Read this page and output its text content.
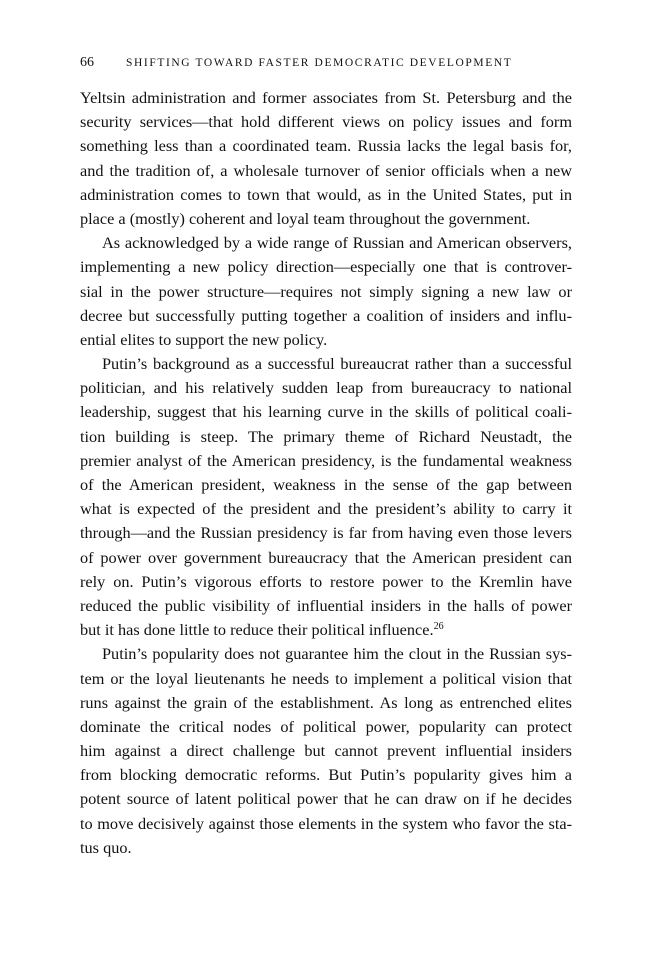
66	SHIFTING TOWARD FASTER DEMOCRATIC DEVELOPMENT
Yeltsin administration and former associates from St. Petersburg and the
security services—that hold different views on policy issues and form
something less than a coordinated team. Russia lacks the legal basis for,
and the tradition of, a wholesale turnover of senior officials when a new
administration comes to town that would, as in the United States, put in
place a (mostly) coherent and loyal team throughout the government.
As acknowledged by a wide range of Russian and American observers,
implementing a new policy direction—especially one that is controver-
sial in the power structure—requires not simply signing a new law or
decree but successfully putting together a coalition of insiders and influ-
ential elites to support the new policy.
Putin’s background as a successful bureaucrat rather than a successful
politician, and his relatively sudden leap from bureaucracy to national
leadership, suggest that his learning curve in the skills of political coali-
tion building is steep. The primary theme of Richard Neustadt, the
premier analyst of the American presidency, is the fundamental weakness
of the American president, weakness in the sense of the gap between
what is expected of the president and the president’s ability to carry it
through—and the Russian presidency is far from having even those levers
of power over government bureaucracy that the American president can
rely on. Putin’s vigorous efforts to restore power to the Kremlin have
reduced the public visibility of influential insiders in the halls of power
but it has done little to reduce their political influence.$^{26}$
Putin’s popularity does not guarantee him the clout in the Russian sys-
tem or the loyal lieutenants he needs to implement a political vision that
runs against the grain of the establishment. As long as entrenched elites
dominate the critical nodes of political power, popularity can protect
him against a direct challenge but cannot prevent influential insiders
from blocking democratic reforms. But Putin’s popularity gives him a
potent source of latent political power that he can draw on if he decides
to move decisively against those elements in the system who favor the sta-
tus quo.
